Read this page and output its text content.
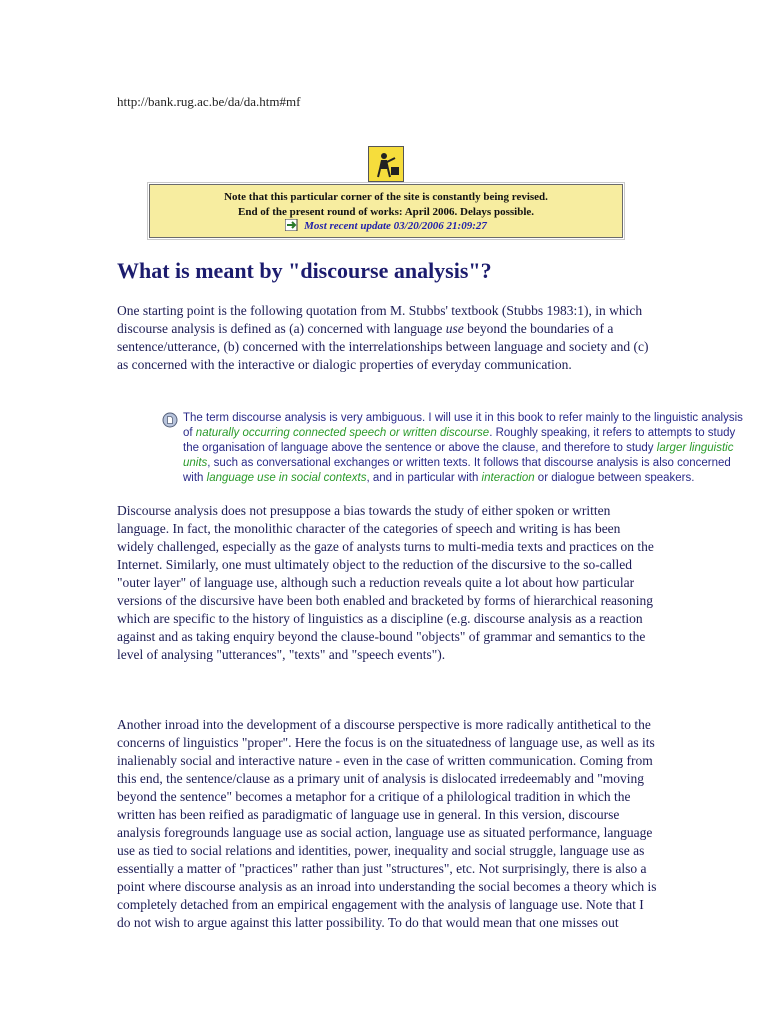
http://bank.rug.ac.be/da/da.htm#mf
Note that this particular corner of the site is constantly being revised.
End of the present round of works: April 2006. Delays possible.
Most recent update 03/20/2006 21:09:27
What is meant by "discourse analysis"?

One starting point is the following quotation from M. Stubbs' textbook (Stubbs 1983:1), in which discourse analysis is defined as (a) concerned with language use beyond the boundaries of a sentence/utterance, (b) concerned with the interrelationships between language and society and (c) as concerned with the interactive or dialogic properties of everyday communication.

The term discourse analysis is very ambiguous. I will use it in this book to refer mainly to the linguistic analysis of naturally occurring connected speech or written discourse. Roughly speaking, it refers to attempts to study the organisation of language above the sentence or above the clause, and therefore to study larger linguistic units, such as conversational exchanges or written texts. It follows that discourse analysis is also concerned with language use in social contexts, and in particular with interaction or dialogue between speakers.

Discourse analysis does not presuppose a bias towards the study of either spoken or written language. In fact, the monolithic character of the categories of speech and writing is has been widely challenged, especially as the gaze of analysts turns to multi-media texts and practices on the Internet. Similarly, one must ultimately object to the reduction of the discursive to the so-called "outer layer" of language use, although such a reduction reveals quite a lot about how particular versions of the discursive have been both enabled and bracketed by forms of hierarchical reasoning which are specific to the history of linguistics as a discipline (e.g. discourse analysis as a reaction against and as taking enquiry beyond the clause-bound "objects" of grammar and semantics to the level of analysing "utterances", "texts" and "speech events").

Another inroad into the development of a discourse perspective is more radically antithetical to the concerns of linguistics "proper". Here the focus is on the situatedness of language use, as well as its inalienably social and interactive nature - even in the case of written communication. Coming from this end, the sentence/clause as a primary unit of analysis is dislocated irredeemably and "moving beyond the sentence" becomes a metaphor for a critique of a philological tradition in which the written has been reified as paradigmatic of language use in general. In this version, discourse analysis foregrounds language use as social action, language use as situated performance, language use as tied to social relations and identities, power, inequality and social struggle, language use as essentially a matter of "practices" rather than just "structures", etc. Not surprisingly, there is also a point where discourse analysis as an inroad into understanding the social becomes a theory which is completely detached from an empirical engagement with the analysis of language use. Note that I do not wish to argue against this latter possibility. To do that would mean that one misses out
